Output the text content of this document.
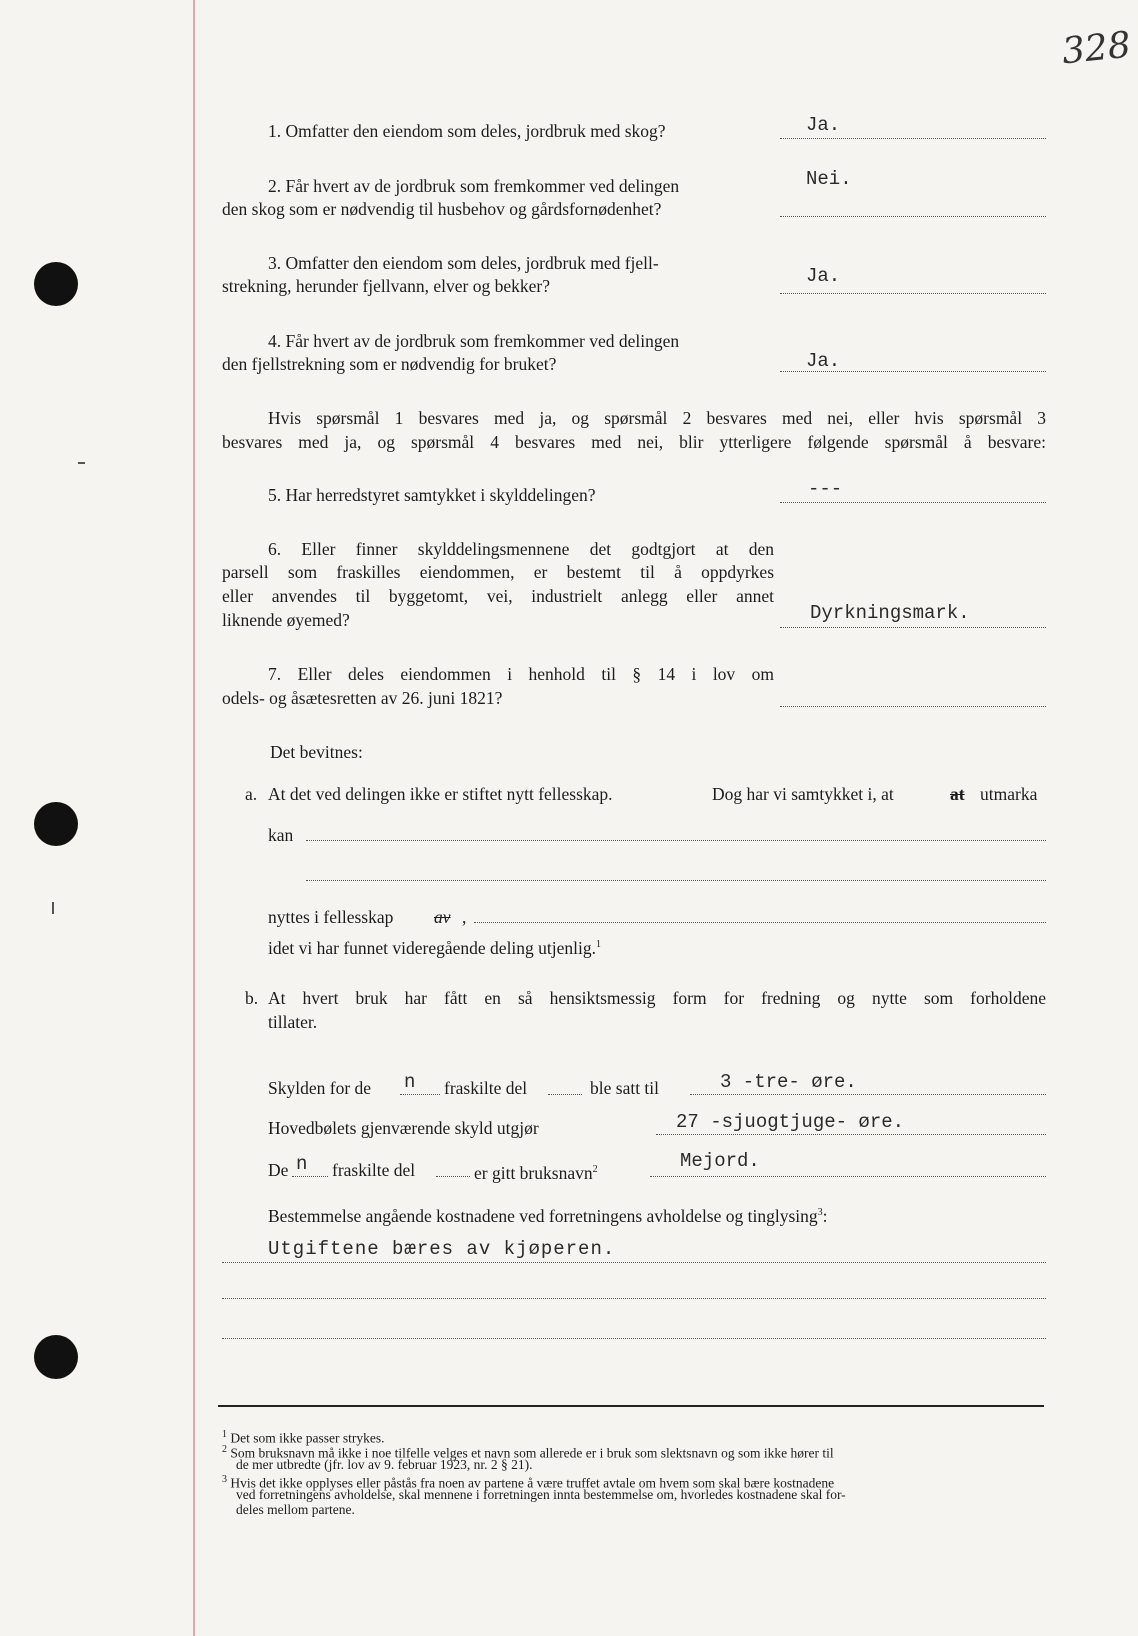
328
1. Omfatter den eiendom som deles, jordbruk med skog?	Ja.
2. Får hvert av de jordbruk som fremkommer ved delingen
den skog som er nødvendig til husbehov og gårdsfornødenhet?
Nei.
3. Omfatter den eiendom som deles, jordbruk med fjell-
strekning, herunder fjellvann, elver og bekker?	Ja.
4. Får hvert av de jordbruk som fremkommer ved delingen
den fjellstrekning som er nødvendig for bruket?	Ja.
Hvis spørsmål 1 besvares med ja, og spørsmål 2 besvares med nei, eller hvis spørsmål 3
besvares med ja, og spørsmål 4 besvares med nei, blir ytterligere følgende spørsmål å besvare:
5. Har herredstyret samtykket i skylddelingen?	---
6. Eller finner skylddelingsmennene det godtgjort at den
parsell som fraskilles eiendommen, er bestemt til å oppdyrkes
eller anvendes til byggetomt, vei, industrielt anlegg eller annet
liknende øyemed?	Dyrkningsmark.
7. Eller deles eiendommen i henhold til § 14 i lov om
odels- og åsætesretten av 26. juni 1821?
Det bevitnes:
a. At det ved delingen ikke er stiftet nytt fellesskap.	Dog har vi samtykket i, at	at utmarka
kan
nyttes i fellesskap av ,
idet vi har funnet videregående deling utjenlig.$^1$
b. At hvert bruk har fått en så hensiktsmessig form for fredning og nytte som forholdene
tillater.
Skylden for de n fraskilte del	ble satt til	3 -tre- øre.
Hovedbølets gjenværende skyld utgjør	27 -sjuogtjuge- øre.
De n fraskilte del	er gitt bruksnavn$^2$	Mejord.
Bestemmelse angående kostnadene ved forretningens avholdelse og tinglysing$^3$:
Utgiftene bæres av kjøperen.
$^1$ Det som ikke passer strykes.
$^2$ Som bruksnavn må ikke i noe tilfelle velges et navn som allerede er i bruk som slektsnavn og som ikke hører til
de mer utbredte (jfr. lov av 9. februar 1923, nr. 2 § 21).
$^3$ Hvis det ikke opplyses eller påstås fra noen av partene å være truffet avtale om hvem som skal bære kostnadene
ved forretningens avholdelse, skal mennene i forretningen innta bestemmelse om, hvorledes kostnadene skal for-
deles mellom partene.
